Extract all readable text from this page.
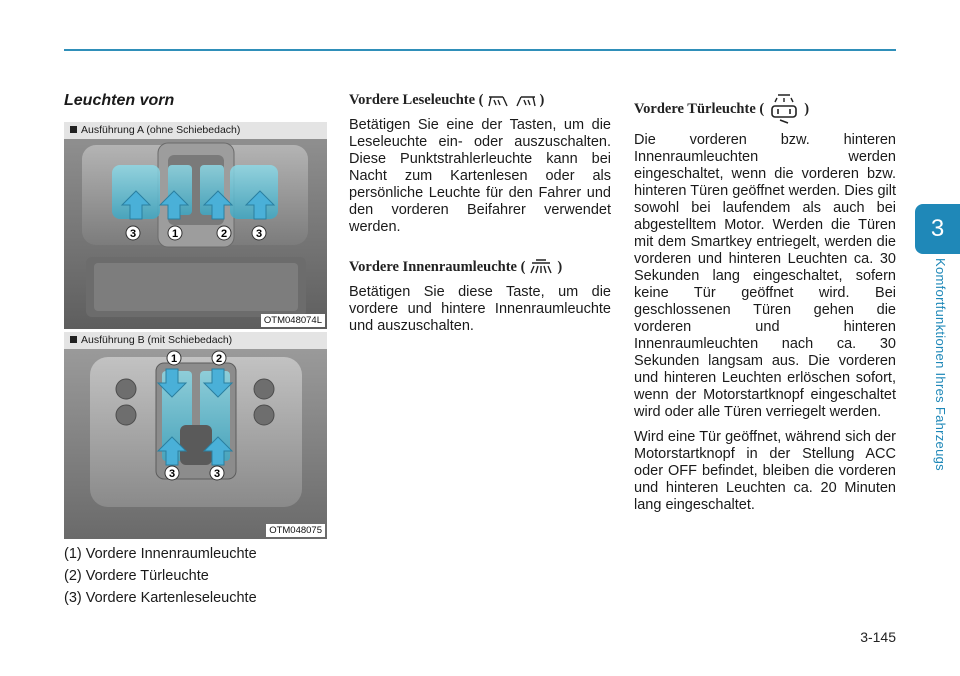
3
Komfortfunktionen Ihres Fahrzeugs
3-145
Leuchten vorn
Ausführung A (ohne Schiebedach)
3	1	2	3
OTM048074L
Ausführung B (mit Schiebedach)
1	2
3	3
OTM048075
(1) Vordere Innenraumleuchte
(2) Vordere Türleuchte
(3) Vordere Kartenleseleuchte
Vordere Leseleuchte (	)

Betätigen Sie eine der Tasten, um die Leseleuchte ein- oder auszuschalten. Diese Punktstrahlerleuchte kann bei Nacht zum Kartenlesen oder als persönliche Leuchte für den Fahrer und den vorderen Beifahrer verwendet werden.

Vordere Innenraumleuchte ( )

Betätigen Sie diese Taste, um die vordere und hintere Innenraumleuchte und auszuschalten.

Vordere Türleuchte (	)

Die vorderen bzw. hinteren Innenraumleuchten werden eingeschaltet, wenn die vorderen bzw. hinteren Türen geöffnet werden. Dies gilt sowohl bei laufendem als auch bei abgestelltem Motor. Werden die Türen mit dem Smartkey entriegelt, werden die vorderen und hinteren Leuchten ca. 30 Sekunden lang eingeschaltet, sofern keine Tür geöffnet wird. Bei geschlossenen Türen gehen die vorderen und hinteren Innenraumleuchten nach ca. 30 Sekunden langsam aus. Die vorderen und hinteren Leuchten erlöschen sofort, wenn der Motorstartknopf eingeschaltet wird oder alle Türen verriegelt werden.

Wird eine Tür geöffnet, während sich der Motorstartknopf in der Stellung ACC oder OFF befindet, bleiben die vorderen und hinteren Leuchten ca. 20 Minuten lang eingeschaltet.
